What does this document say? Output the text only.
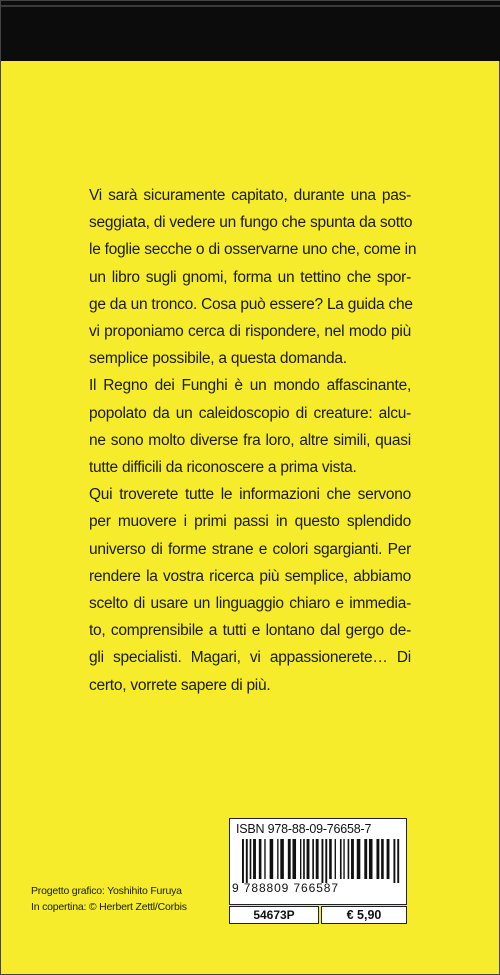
Vi sarà sicuramente capitato, durante una pas-
seggiata, di vedere un fungo che spunta da sotto
le foglie secche o di osservarne uno che, come in
un libro sugli gnomi, forma un tettino che spor-
ge da un tronco. Cosa può essere? La guida che
vi proponiamo cerca di rispondere, nel modo più
semplice possibile, a questa domanda.
Il Regno dei Funghi è un mondo affascinante,
popolato da un caleidoscopio di creature: alcu-
ne sono molto diverse fra loro, altre simili, quasi
tutte difficili da riconoscere a prima vista.
Qui troverete tutte le informazioni che servono
per muovere i primi passi in questo splendido
universo di forme strane e colori sgargianti. Per
rendere la vostra ricerca più semplice, abbiamo
scelto di usare un linguaggio chiaro e immedia-
to, comprensibile a tutti e lontano dal gergo de-
gli specialisti. Magari, vi appassionerete… Di
certo, vorrete sapere di più.
Progetto grafico: Yoshihito Furuya
In copertina: © Herbert Zettl/Corbis
ISBN 978-88-09-76658-7
9 788809 766587
54673P	€ 5,90
